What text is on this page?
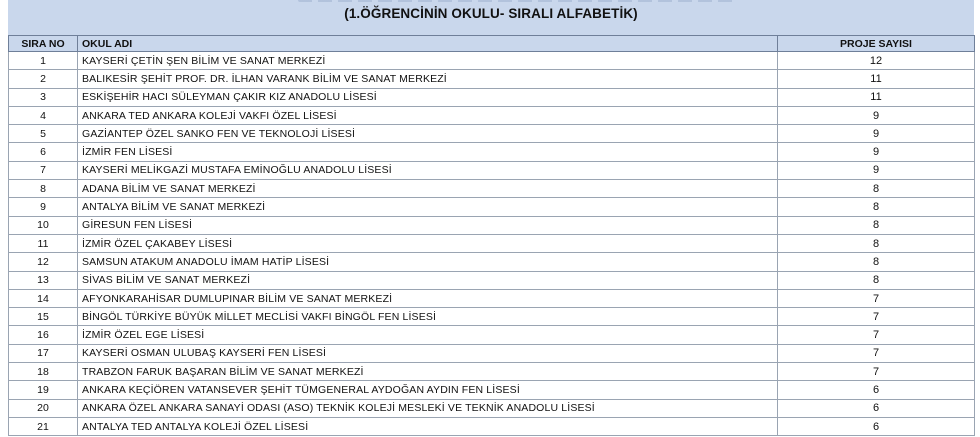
(1.ÖĞRENCİNİN OKULU- SIRALI ALFABETİK)
SIRA NO	OKUL ADI	PROJE SAYISI
1	KAYSERİ ÇETİN ŞEN BİLİM VE SANAT MERKEZİ	12
2	BALIKESİR ŞEHİT PROF. DR. İLHAN VARANK BİLİM VE SANAT MERKEZİ	11
3	ESKİŞEHİR HACI SÜLEYMAN ÇAKIR KIZ ANADOLU LİSESİ	11
4	ANKARA TED ANKARA KOLEJİ VAKFI ÖZEL LİSESİ	9
5	GAZİANTEP ÖZEL SANKO FEN VE TEKNOLOJİ LİSESİ	9
6	İZMİR FEN LİSESİ	9
7	KAYSERİ MELİKGAZİ MUSTAFA EMİNOĞLU ANADOLU LİSESİ	9
8	ADANA BİLİM VE SANAT MERKEZİ	8
9	ANTALYA BİLİM VE SANAT MERKEZİ	8
10	GİRESUN FEN LİSESİ	8
11	İZMİR ÖZEL ÇAKABEY LİSESİ	8
12	SAMSUN ATAKUM ANADOLU İMAM HATİP LİSESİ	8
13	SİVAS BİLİM VE SANAT MERKEZİ	8
14	AFYONKARAHİSAR DUMLUPINAR BİLİM VE SANAT MERKEZİ	7
15	BİNGÖL TÜRKİYE BÜYÜK MİLLET MECLİSİ VAKFI BİNGÖL FEN LİSESİ	7
16	İZMİR ÖZEL EGE LİSESİ	7
17	KAYSERİ OSMAN ULUBAŞ KAYSERİ FEN LİSESİ	7
18	TRABZON FARUK BAŞARAN BİLİM VE SANAT MERKEZİ	7
19	ANKARA KEÇİÖREN VATANSEVER ŞEHİT TÜMGENERAL AYDOĞAN AYDIN FEN LİSESİ	6
20	ANKARA ÖZEL ANKARA SANAYİ ODASI (ASO) TEKNİK KOLEJİ MESLEKİ VE TEKNİK ANADOLU LİSESİ	6
21	ANTALYA TED ANTALYA KOLEJİ ÖZEL LİSESİ	6
